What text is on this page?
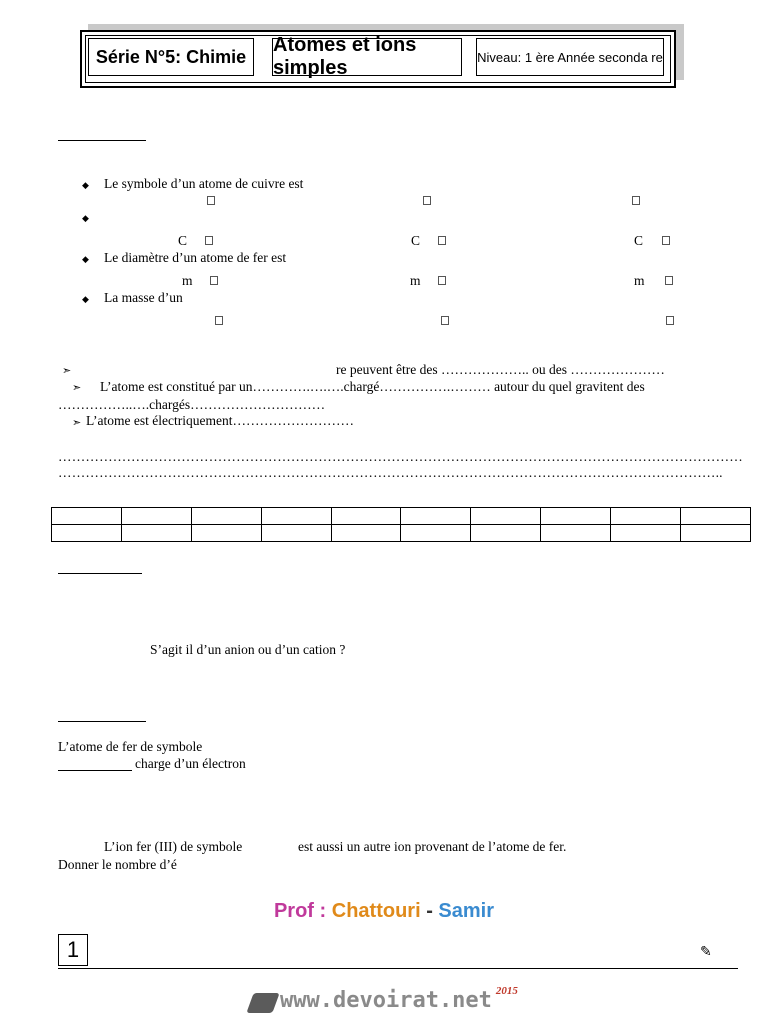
Série N°5: Chimie
Atomes et ions simples	Niveau: 1 ère Année seconda re
◆ Le symbole d’un atome de cuivre est
◆
C	C	C
◆ Le diamètre d’un atome de fer est
m	m	m
◆ La masse d’un
➣	re peuvent être des ……………….. ou des …………………
➣ L’atome est constitué par un………….….….chargé…………….……… autour du quel gravitent des
……………..….chargés…………………………
➣ L’atome est électriquement………………………
……………………………………………………………………………………………………………………………………
………………………………………………………………………………………………………………………………..

S’agit il d’un anion ou d’un cation ?
L’atome de fer de symbole
charge d’un électron
L’ion fer (III) de symbole	est aussi un autre ion provenant de l’atome de fer.
Donner le nombre d’é
Prof : Chattouri - Samir
1	✎
www.devoirat.net 2015
